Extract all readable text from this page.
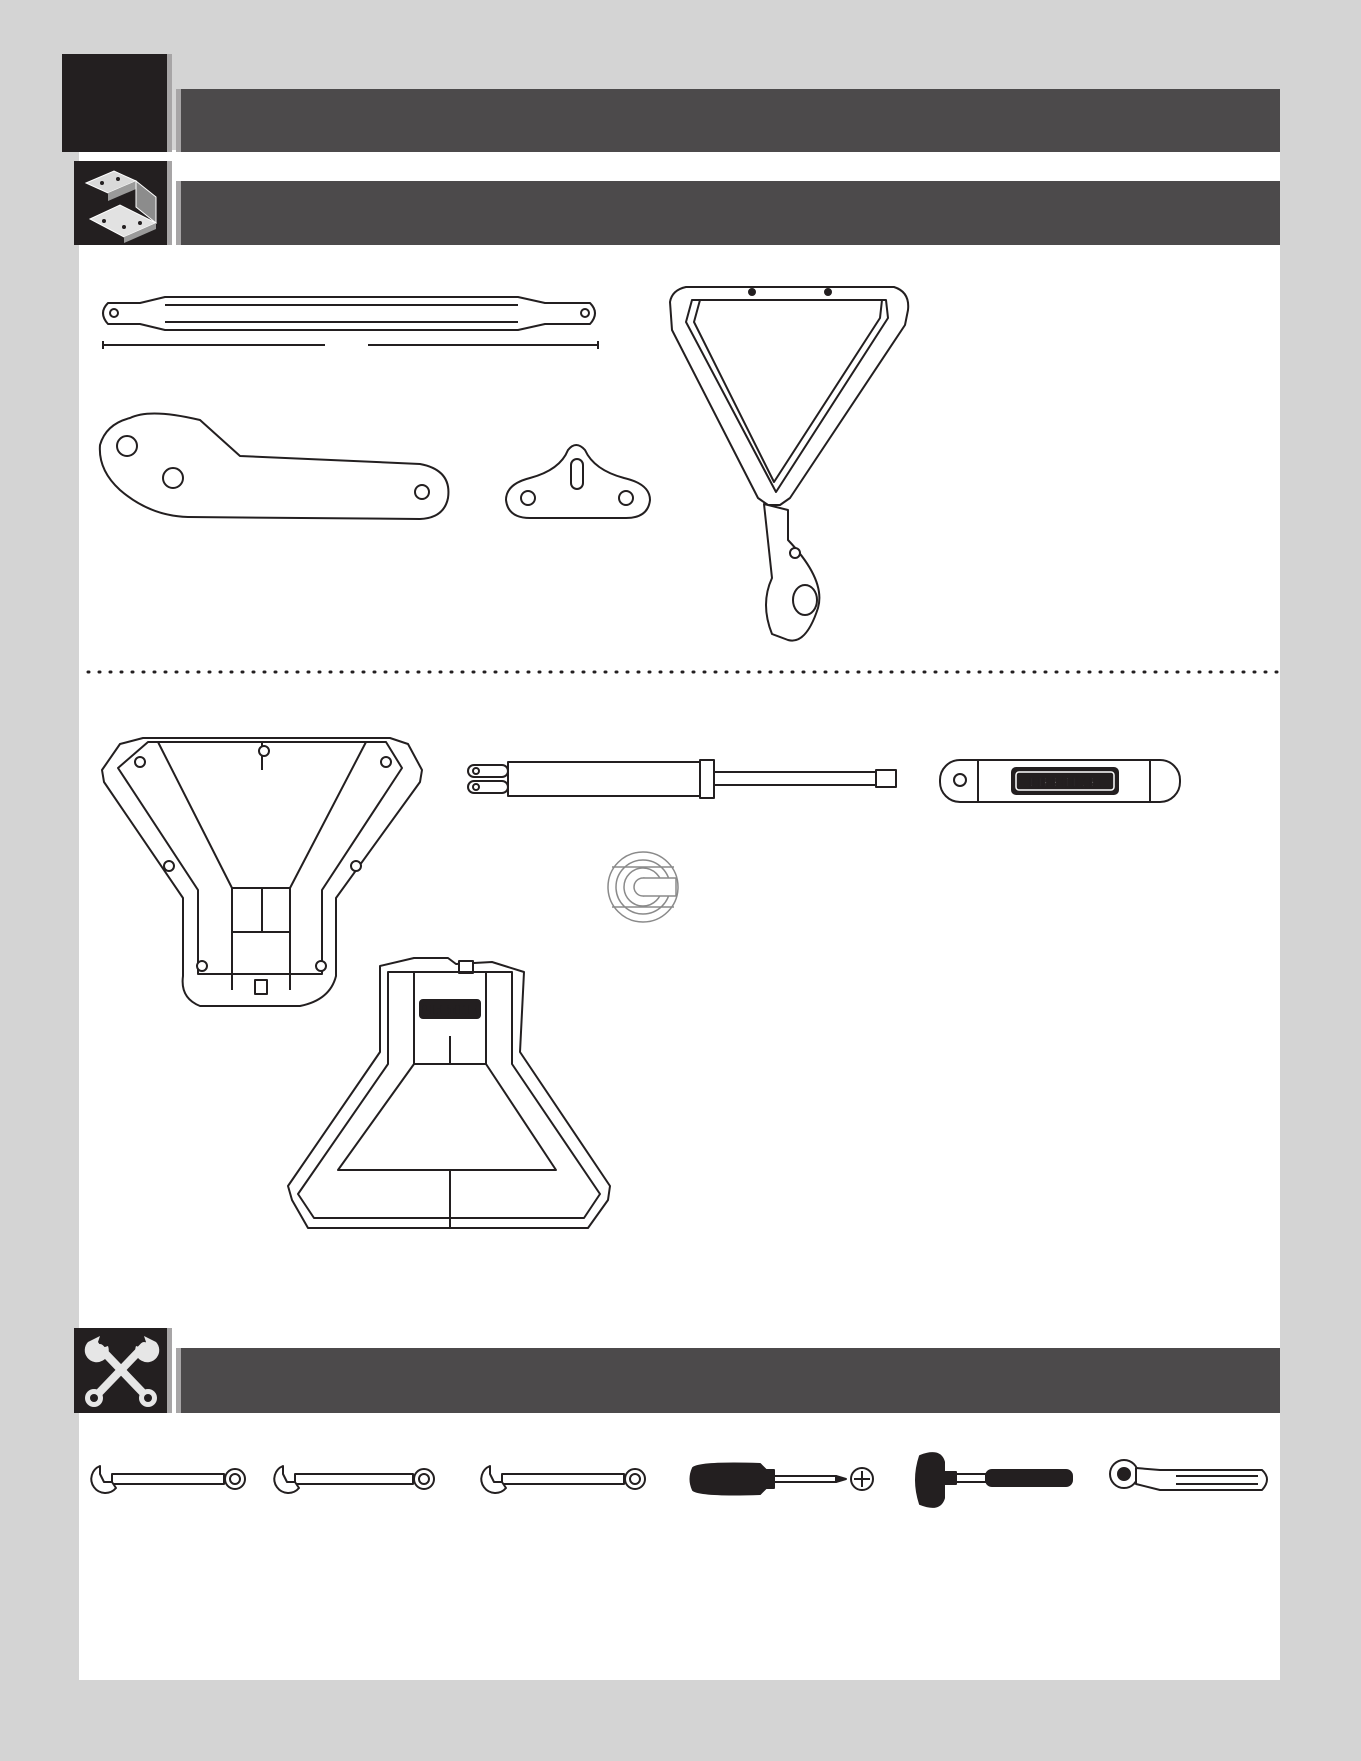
LIFETIME
LIFETIME
